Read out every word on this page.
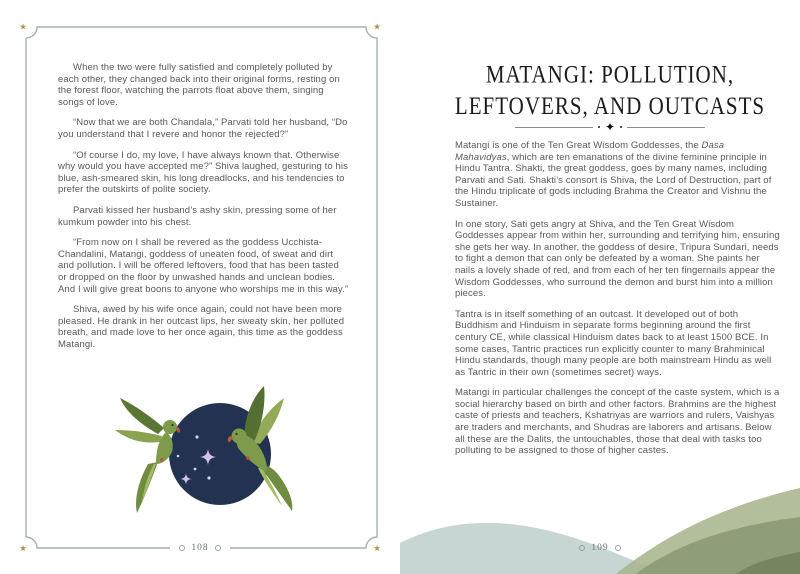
★	★
★	★

When the two were fully satisfied and completely polluted by each other, they changed back into their original forms, resting on the forest floor, watching the parrots float above them, singing songs of love.

“Now that we are both Chandala,” Parvati told her husband, “Do you understand that I revere and honor the rejected?”

“Of course I do, my love, I have always known that. Otherwise why would you have accepted me?” Shiva laughed, gesturing to his blue, ash-smeared skin, his long dreadlocks, and his tendencies to prefer the outskirts of polite society.

Parvati kissed her husband’s ashy skin, pressing some of her kumkum powder into his chest.

“From now on I shall be revered as the goddess Ucchista-Chandalini, Matangi, goddess of uneaten food, of sweat and dirt and pollution. I will be offered leftovers, food that has been tasted or dropped on the floor by unwashed hands and unclean bodies. And I will give great boons to anyone who worships me in this way.”

Shiva, awed by his wife once again, could not have been more pleased. He drank in her outcast lips, her sweaty skin, her polluted breath, and made love to her once again, this time as the goddess Matangi.

108
MATANGI: POLLUTION,
LEFTOVERS, AND OUTCASTS
✦

Matangi is one of the Ten Great Wisdom Goddesses, the Dasa Mahavidyas, which are ten emanations of the divine feminine principle in Hindu Tantra. Shakti, the great goddess, goes by many names, including Parvati and Sati. Shakti’s consort is Shiva, the Lord of Destruction, part of the Hindu triplicate of gods including Brahma the Creator and Vishnu the Sustainer.

In one story, Sati gets angry at Shiva, and the Ten Great Wisdom Goddesses appear from within her, surrounding and terrifying him, ensuring she gets her way. In another, the goddess of desire, Tripura Sundari, needs to fight a demon that can only be defeated by a woman. She paints her nails a lovely shade of red, and from each of her ten fingernails appear the Wisdom Goddesses, who surround the demon and burst him into a million pieces.

Tantra is in itself something of an outcast. It developed out of both Buddhism and Hinduism in separate forms beginning around the first century CE, while classical Hinduism dates back to at least 1500 BCE. In some cases, Tantric practices run explicitly counter to many Brahminical Hindu standards, though many people are both mainstream Hindu as well as Tantric in their own (sometimes secret) ways.

Matangi in particular challenges the concept of the caste system, which is a social hierarchy based on birth and other factors. Brahmins are the highest caste of priests and teachers, Kshatriyas are warriors and rulers, Vaishyas are traders and merchants, and Shudras are laborers and artisans. Below all these are the Dalits, the untouchables, those that deal with tasks too polluting to be assigned to those of higher castes.

109
